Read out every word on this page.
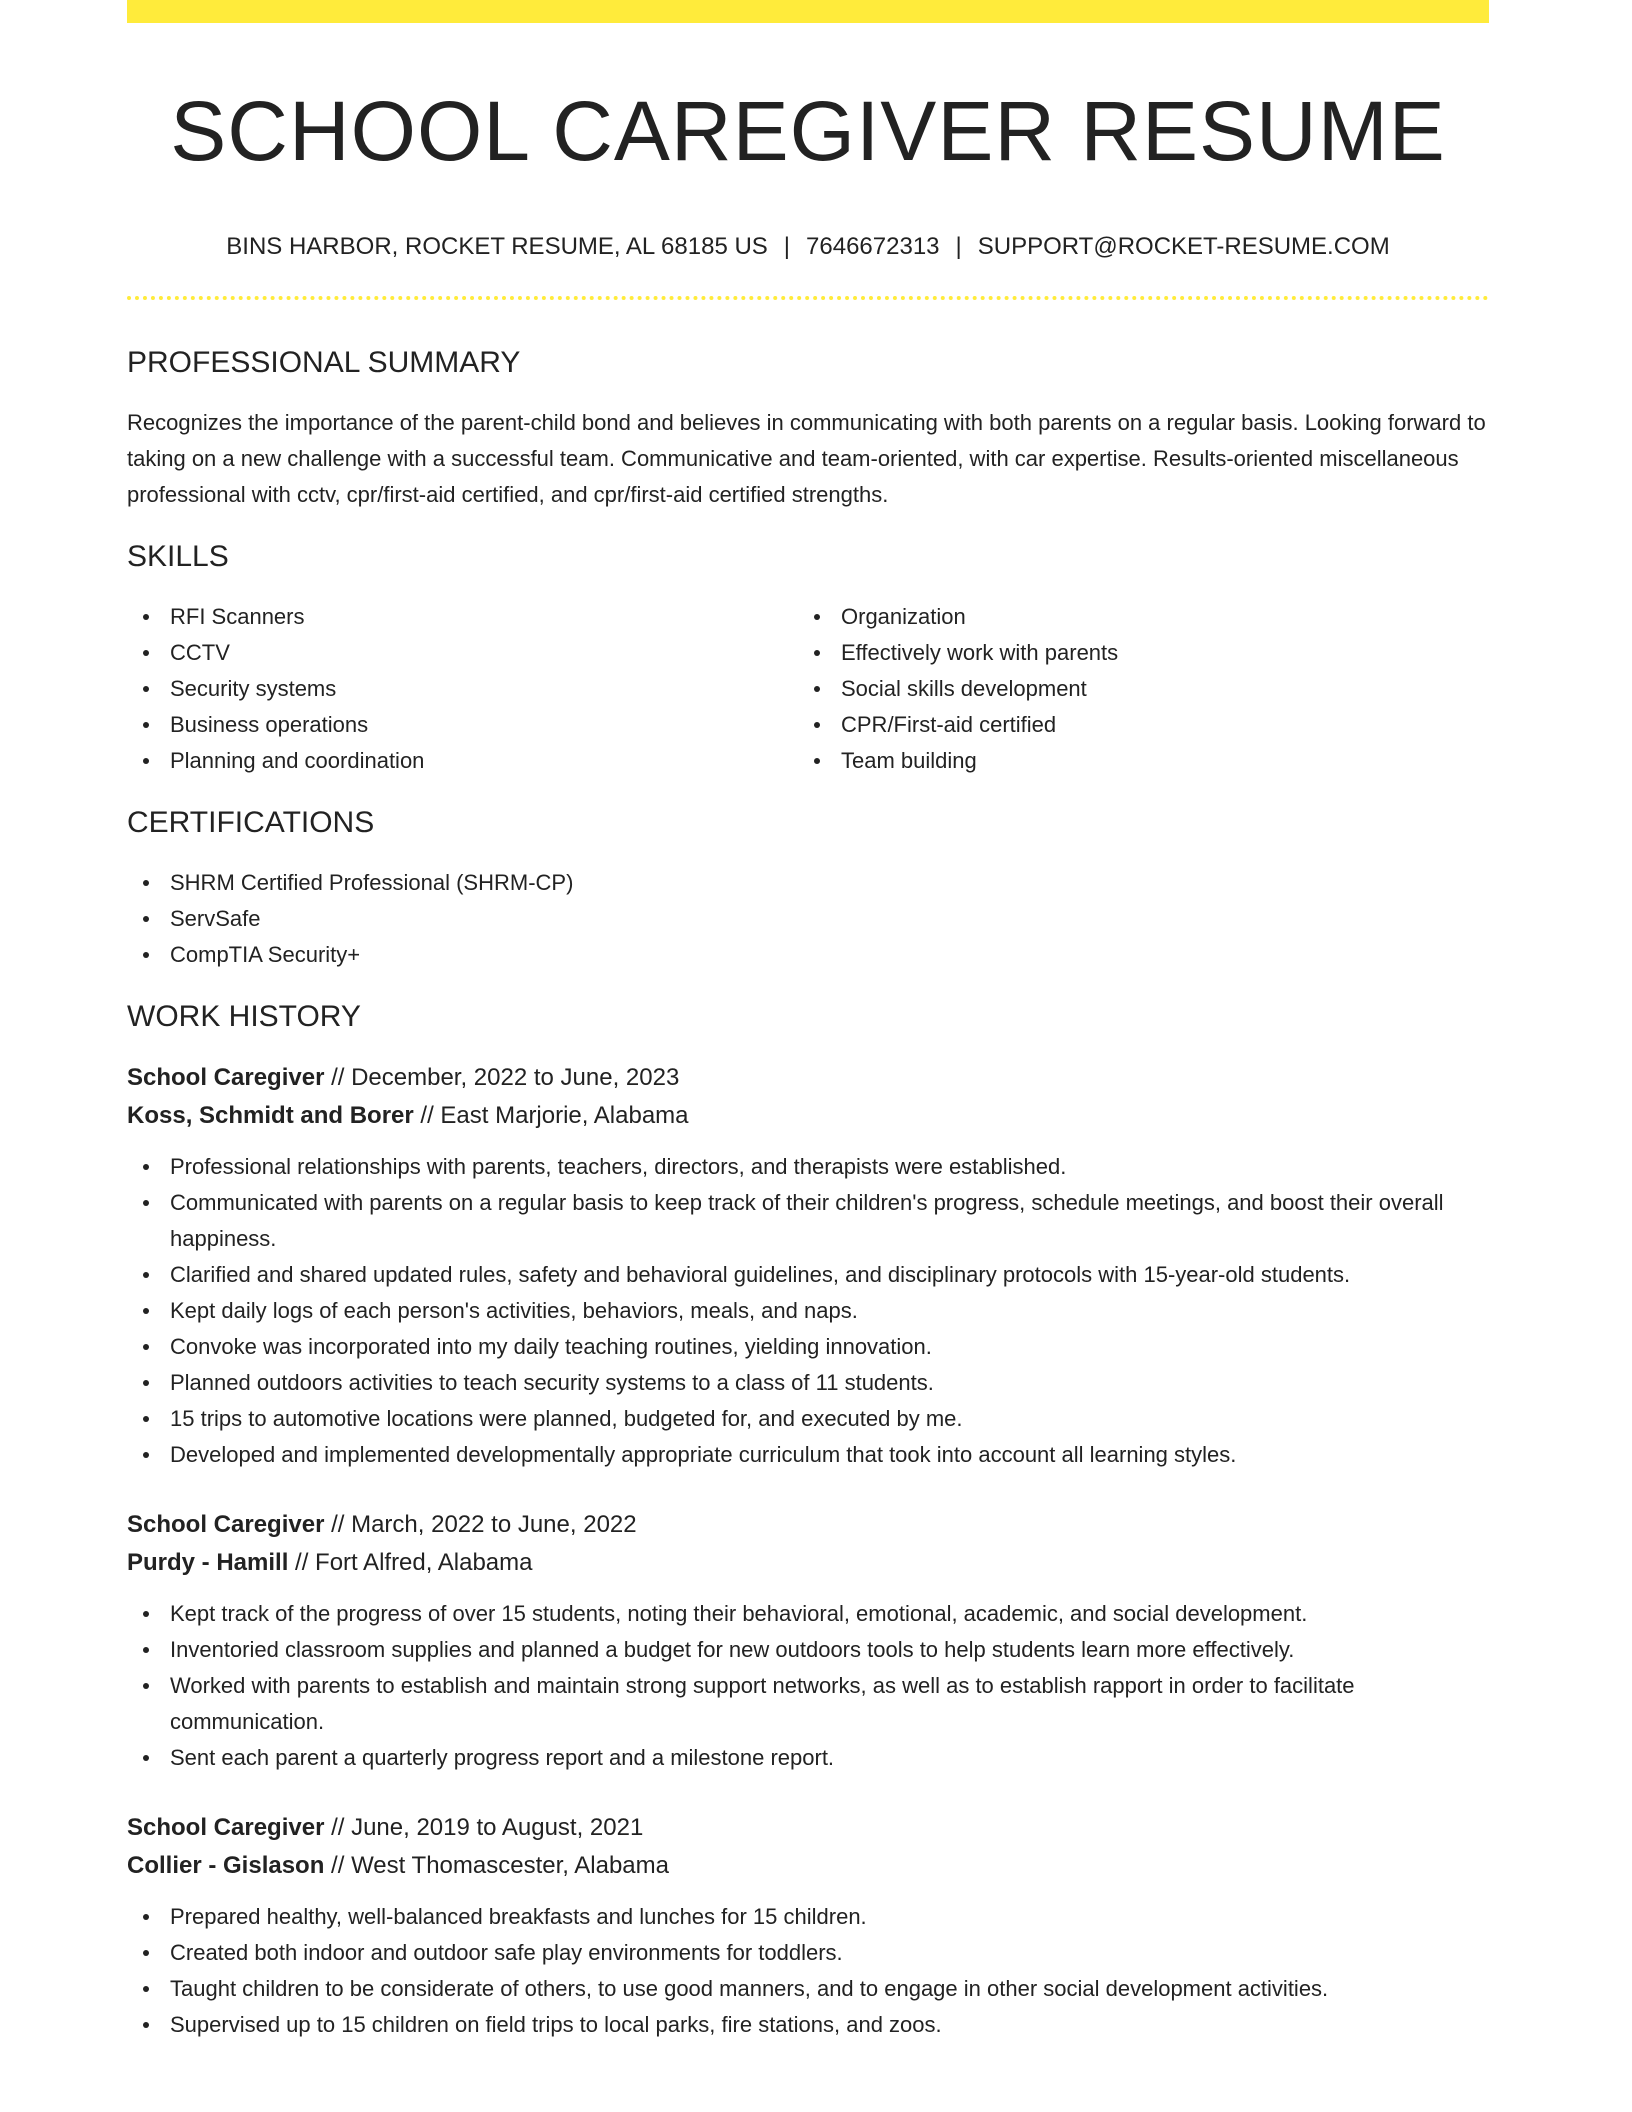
SCHOOL CAREGIVER RESUME
BINS HARBOR, ROCKET RESUME, AL 68185 US | 7646672313 | SUPPORT@ROCKET-RESUME.COM
PROFESSIONAL SUMMARY
Recognizes the importance of the parent-child bond and believes in communicating with both parents on a regular basis. Looking forward to taking on a new challenge with a successful team. Communicative and team-oriented, with car expertise. Results-oriented miscellaneous professional with cctv, cpr/first-aid certified, and cpr/first-aid certified strengths.
SKILLS
RFI Scanners
CCTV
Security systems
Business operations
Planning and coordination
Organization
Effectively work with parents
Social skills development
CPR/First-aid certified
Team building
CERTIFICATIONS
SHRM Certified Professional (SHRM-CP)
ServSafe
CompTIA Security+
WORK HISTORY
School Caregiver // December, 2022 to June, 2023
Koss, Schmidt and Borer // East Marjorie, Alabama
Professional relationships with parents, teachers, directors, and therapists were established.
Communicated with parents on a regular basis to keep track of their children's progress, schedule meetings, and boost their overall happiness.
Clarified and shared updated rules, safety and behavioral guidelines, and disciplinary protocols with 15-year-old students.
Kept daily logs of each person's activities, behaviors, meals, and naps.
Convoke was incorporated into my daily teaching routines, yielding innovation.
Planned outdoors activities to teach security systems to a class of 11 students.
15 trips to automotive locations were planned, budgeted for, and executed by me.
Developed and implemented developmentally appropriate curriculum that took into account all learning styles.
School Caregiver // March, 2022 to June, 2022
Purdy - Hamill // Fort Alfred, Alabama
Kept track of the progress of over 15 students, noting their behavioral, emotional, academic, and social development.
Inventoried classroom supplies and planned a budget for new outdoors tools to help students learn more effectively.
Worked with parents to establish and maintain strong support networks, as well as to establish rapport in order to facilitate communication.
Sent each parent a quarterly progress report and a milestone report.
School Caregiver // June, 2019 to August, 2021
Collier - Gislason // West Thomascester, Alabama
Prepared healthy, well-balanced breakfasts and lunches for 15 children.
Created both indoor and outdoor safe play environments for toddlers.
Taught children to be considerate of others, to use good manners, and to engage in other social development activities.
Supervised up to 15 children on field trips to local parks, fire stations, and zoos.
